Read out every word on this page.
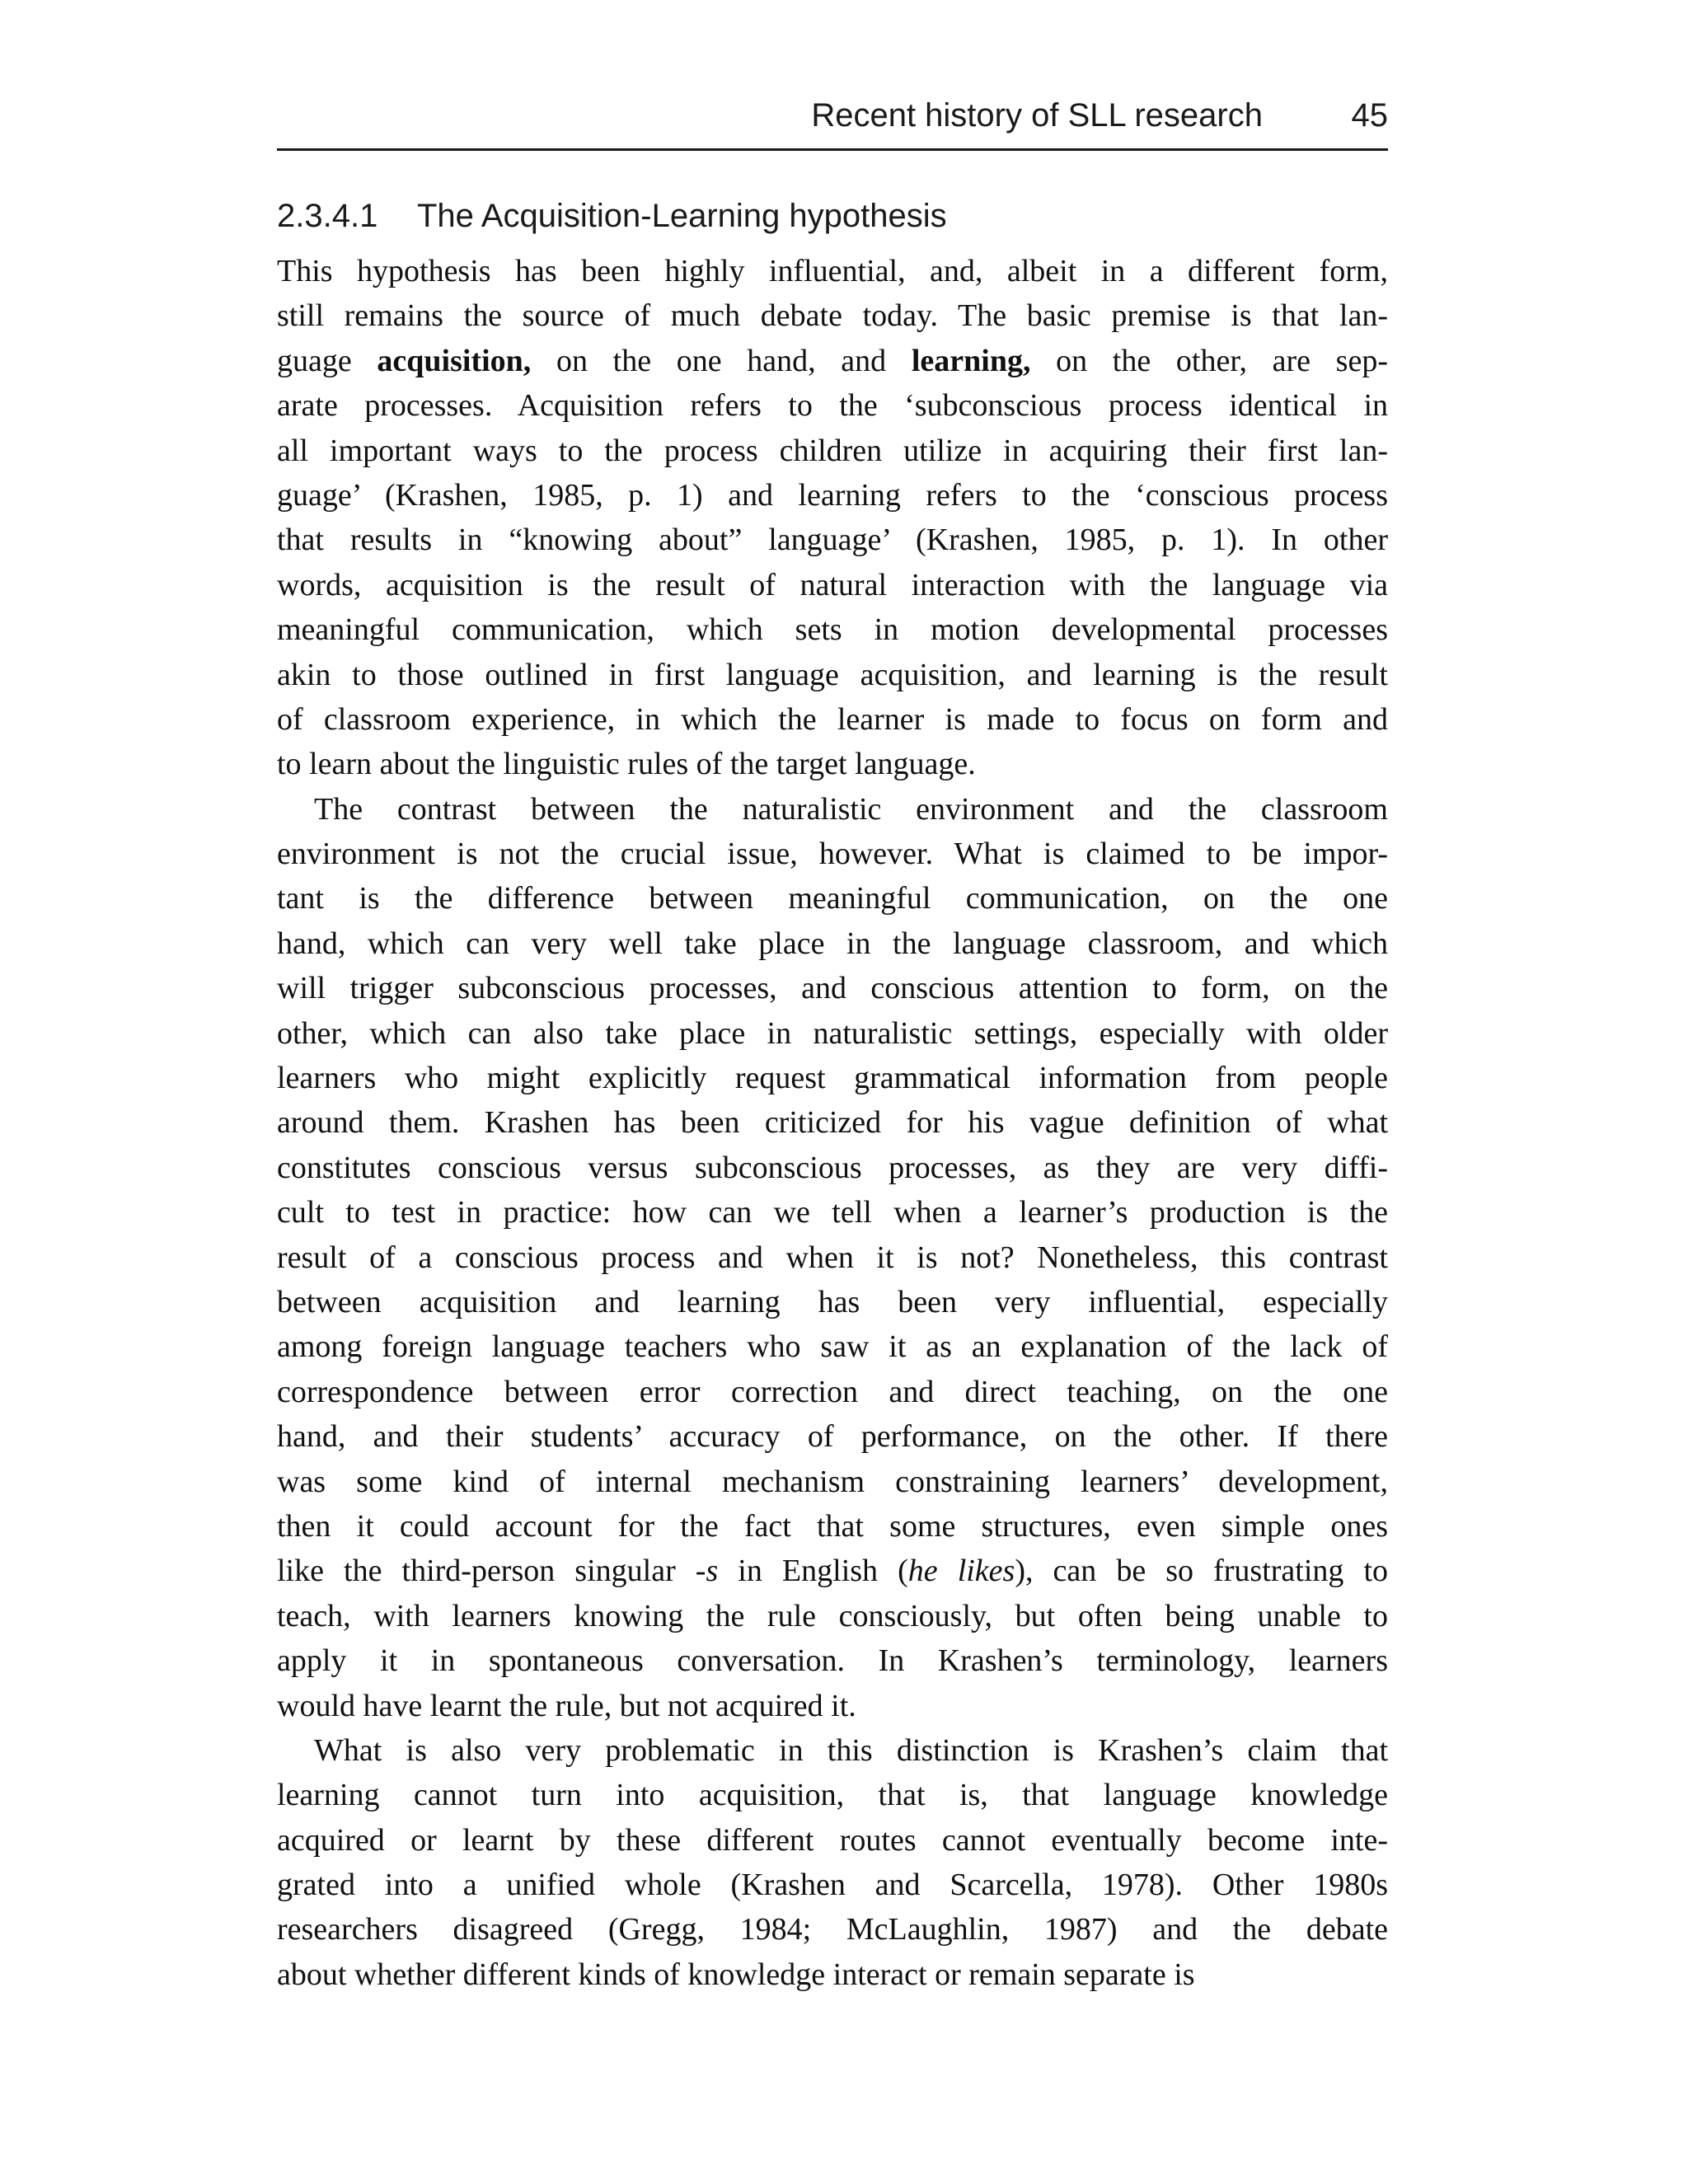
Recent history of SLL research	45
2.3.4.1 The Acquisition-Learning hypothesis
This hypothesis has been highly influential, and, albeit in a different form,
still remains the source of much debate today. The basic premise is that lan-
guage acquisition, on the one hand, and learning, on the other, are sep-
arate processes. Acquisition refers to the ‘subconscious process identical in
all important ways to the process children utilize in acquiring their first lan-
guage’ (Krashen, 1985, p. 1) and learning refers to the ‘conscious process
that results in “knowing about” language’ (Krashen, 1985, p. 1). In other
words, acquisition is the result of natural interaction with the language via
meaningful communication, which sets in motion developmental processes
akin to those outlined in first language acquisition, and learning is the result
of classroom experience, in which the learner is made to focus on form and
to learn about the linguistic rules of the target language.
The contrast between the naturalistic environment and the classroom
environment is not the crucial issue, however. What is claimed to be impor-
tant is the difference between meaningful communication, on the one
hand, which can very well take place in the language classroom, and which
will trigger subconscious processes, and conscious attention to form, on the
other, which can also take place in naturalistic settings, especially with older
learners who might explicitly request grammatical information from people
around them. Krashen has been criticized for his vague definition of what
constitutes conscious versus subconscious processes, as they are very diffi-
cult to test in practice: how can we tell when a learner’s production is the
result of a conscious process and when it is not? Nonetheless, this contrast
between acquisition and learning has been very influential, especially
among foreign language teachers who saw it as an explanation of the lack of
correspondence between error correction and direct teaching, on the one
hand, and their students’ accuracy of performance, on the other. If there
was some kind of internal mechanism constraining learners’ development,
then it could account for the fact that some structures, even simple ones
like the third-person singular -s in English (he likes), can be so frustrating to
teach, with learners knowing the rule consciously, but often being unable to
apply it in spontaneous conversation. In Krashen’s terminology, learners
would have learnt the rule, but not acquired it.
What is also very problematic in this distinction is Krashen’s claim that
learning cannot turn into acquisition, that is, that language knowledge
acquired or learnt by these different routes cannot eventually become inte-
grated into a unified whole (Krashen and Scarcella, 1978). Other 1980s
researchers disagreed (Gregg, 1984; McLaughlin, 1987) and the debate
about whether different kinds of knowledge interact or remain separate is
